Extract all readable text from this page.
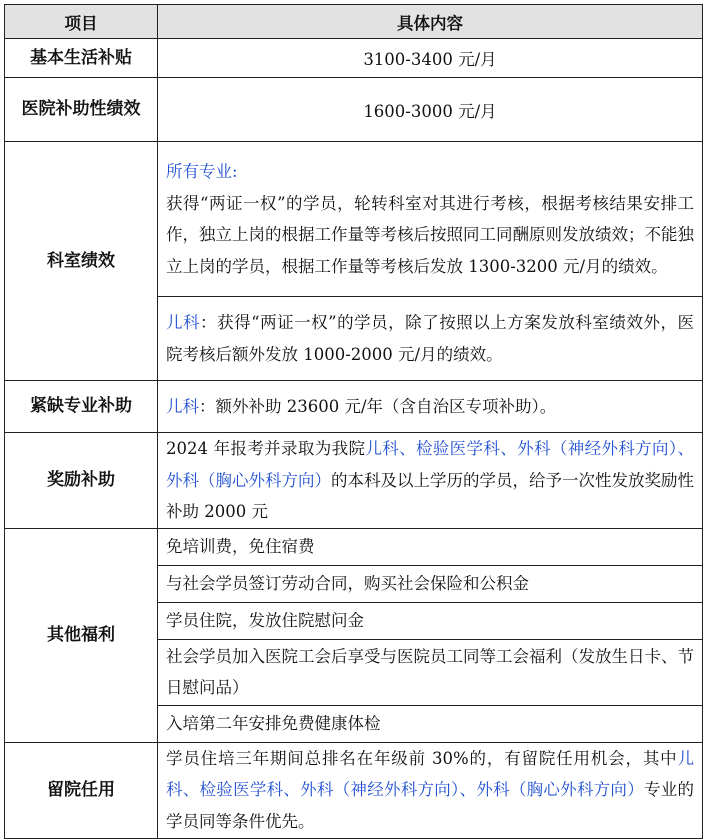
项目	具体内容
基本生活补贴	3100-3400 元/月
医院补助性绩效	1600-3000 元/月
科室绩效	所有专业:
获得“两证一权”的学员，轮转科室对其进行考核，根据考核结果安排工作，独立上岗的根据工作量等考核后按照同工同酬原则发放绩效；不能独立上岗的学员，根据工作量等考核后发放 1300-3200 元/月的绩效。
	儿科：获得“两证一权”的学员，除了按照以上方案发放科室绩效外，医院考核后额外发放 1000-2000 元/月的绩效。
紧缺专业补助	儿科：额外补助 23600 元/年（含自治区专项补助）。
奖励补助	2024 年报考并录取为我院儿科、检验医学科、外科（神经外科方向）、外科（胸心外科方向）的本科及以上学历的学员，给予一次性发放奖励性补助 2000 元
其他福利	免培训费，免住宿费
	与社会学员签订劳动合同，购买社会保险和公积金
	学员住院，发放住院慰问金
	社会学员加入医院工会后享受与医院员工同等工会福利（发放生日卡、节日慰问品）
	入培第二年安排免费健康体检
留院任用	学员住培三年期间总排名在年级前 30%的，有留院任用机会，其中儿科、检验医学科、外科（神经外科方向）、外科（胸心外科方向）专业的学员同等条件优先。
